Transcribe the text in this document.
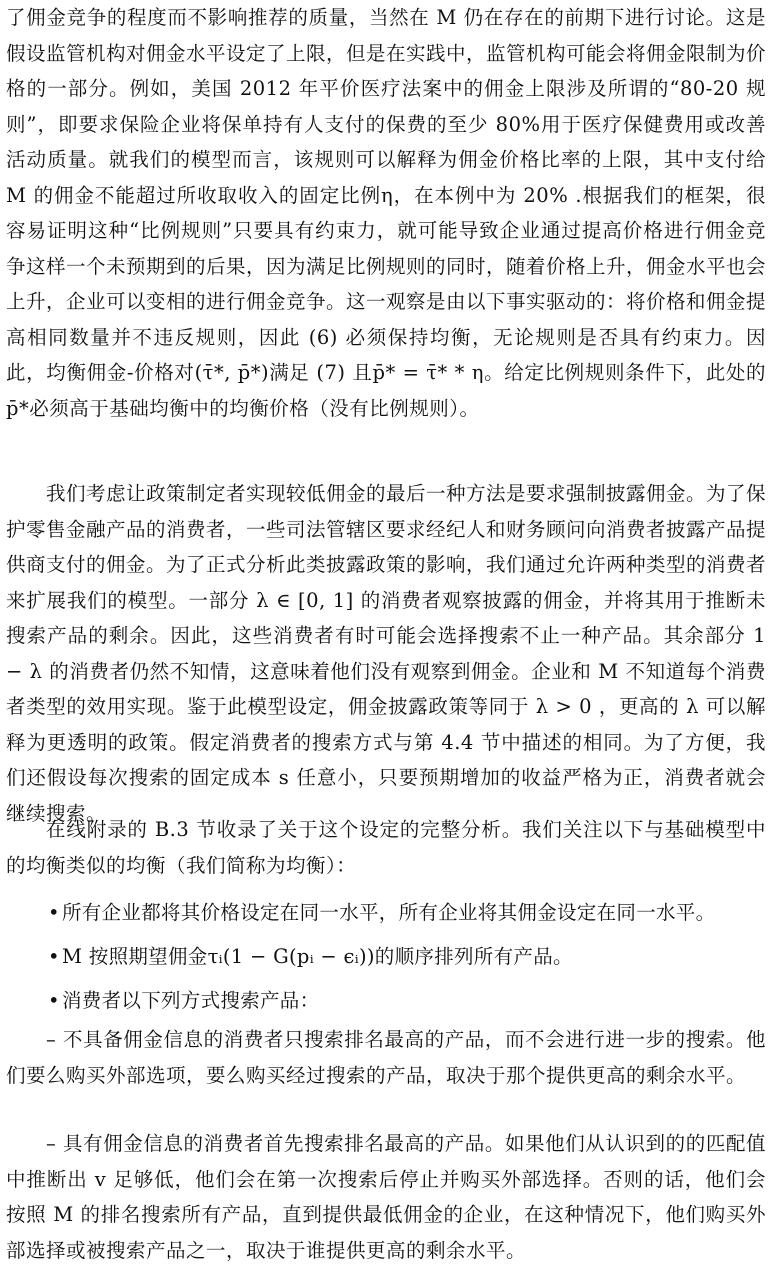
了佣金竞争的程度而不影响推荐的质量，当然在 M 仍在存在的前期下进行讨论。这是假设监管机构对佣金水平设定了上限，但是在实践中，监管机构可能会将佣金限制为价格的一部分。例如，美国 2012 年平价医疗法案中的佣金上限涉及所谓的“80-20 规则”，即要求保险企业将保单持有人支付的保费的至少 80%用于医疗保健费用或改善活动质量。就我们的模型而言，该规则可以解释为佣金价格比率的上限，其中支付给 M 的佣金不能超过所收取收入的固定比例η，在本例中为 20% .根据我们的框架，很容易证明这种“比例规则”只要具有约束力，就可能导致企业通过提高价格进行佣金竞争这样一个未预期到的后果，因为满足比例规则的同时，随着价格上升，佣金水平也会上升，企业可以变相的进行佣金竞争。这一观察是由以下事实驱动的：将价格和佣金提高相同数量并不违反规则，因此 (6) 必须保持均衡，无论规则是否具有约束力。因此，均衡佣金-价格对(τ̄*, p̄*)满足 (7) 且p̄* = τ̄* * η。给定比例规则条件下，此处的p̄*必须高于基础均衡中的均衡价格（没有比例规则）。

我们考虑让政策制定者实现较低佣金的最后一种方法是要求强制披露佣金。为了保护零售金融产品的消费者，一些司法管辖区要求经纪人和财务顾问向消费者披露产品提供商支付的佣金。为了正式分析此类披露政策的影响，我们通过允许两种类型的消费者来扩展我们的模型。一部分 λ ∈ [0, 1] 的消费者观察披露的佣金，并将其用于推断未搜索产品的剩余。因此，这些消费者有时可能会选择搜索不止一种产品。其余部分 1 − λ 的消费者仍然不知情，这意味着他们没有观察到佣金。企业和 M 不知道每个消费者类型的效用实现。鉴于此模型设定，佣金披露政策等同于 λ > 0 ，更高的 λ 可以解释为更透明的政策。假定消费者的搜索方式与第 4.4 节中描述的相同。为了方便，我们还假设每次搜索的固定成本 s 任意小，只要预期增加的收益严格为正，消费者就会继续搜索。

在线附录的 B.3 节收录了关于这个设定的完整分析。我们关注以下与基础模型中的均衡类似的均衡（我们简称为均衡）：

• 所有企业都将其价格设定在同一水平，所有企业将其佣金设定在同一水平。

• M 按照期望佣金τᵢ(1 − G(pᵢ − ϵᵢ))的顺序排列所有产品。

• 消费者以下列方式搜索产品：

– 不具备佣金信息的消费者只搜索排名最高的产品，而不会进行进一步的搜索。他们要么购买外部选项，要么购买经过搜索的产品，取决于那个提供更高的剩余水平。

– 具有佣金信息的消费者首先搜索排名最高的产品。如果他们从认识到的的匹配值中推断出 v 足够低，他们会在第一次搜索后停止并购买外部选择。否则的话，他们会按照 M 的排名搜索所有产品，直到提供最低佣金的企业，在这种情况下，他们购买外部选择或被搜索产品之一，取决于谁提供更高的剩余水平。
